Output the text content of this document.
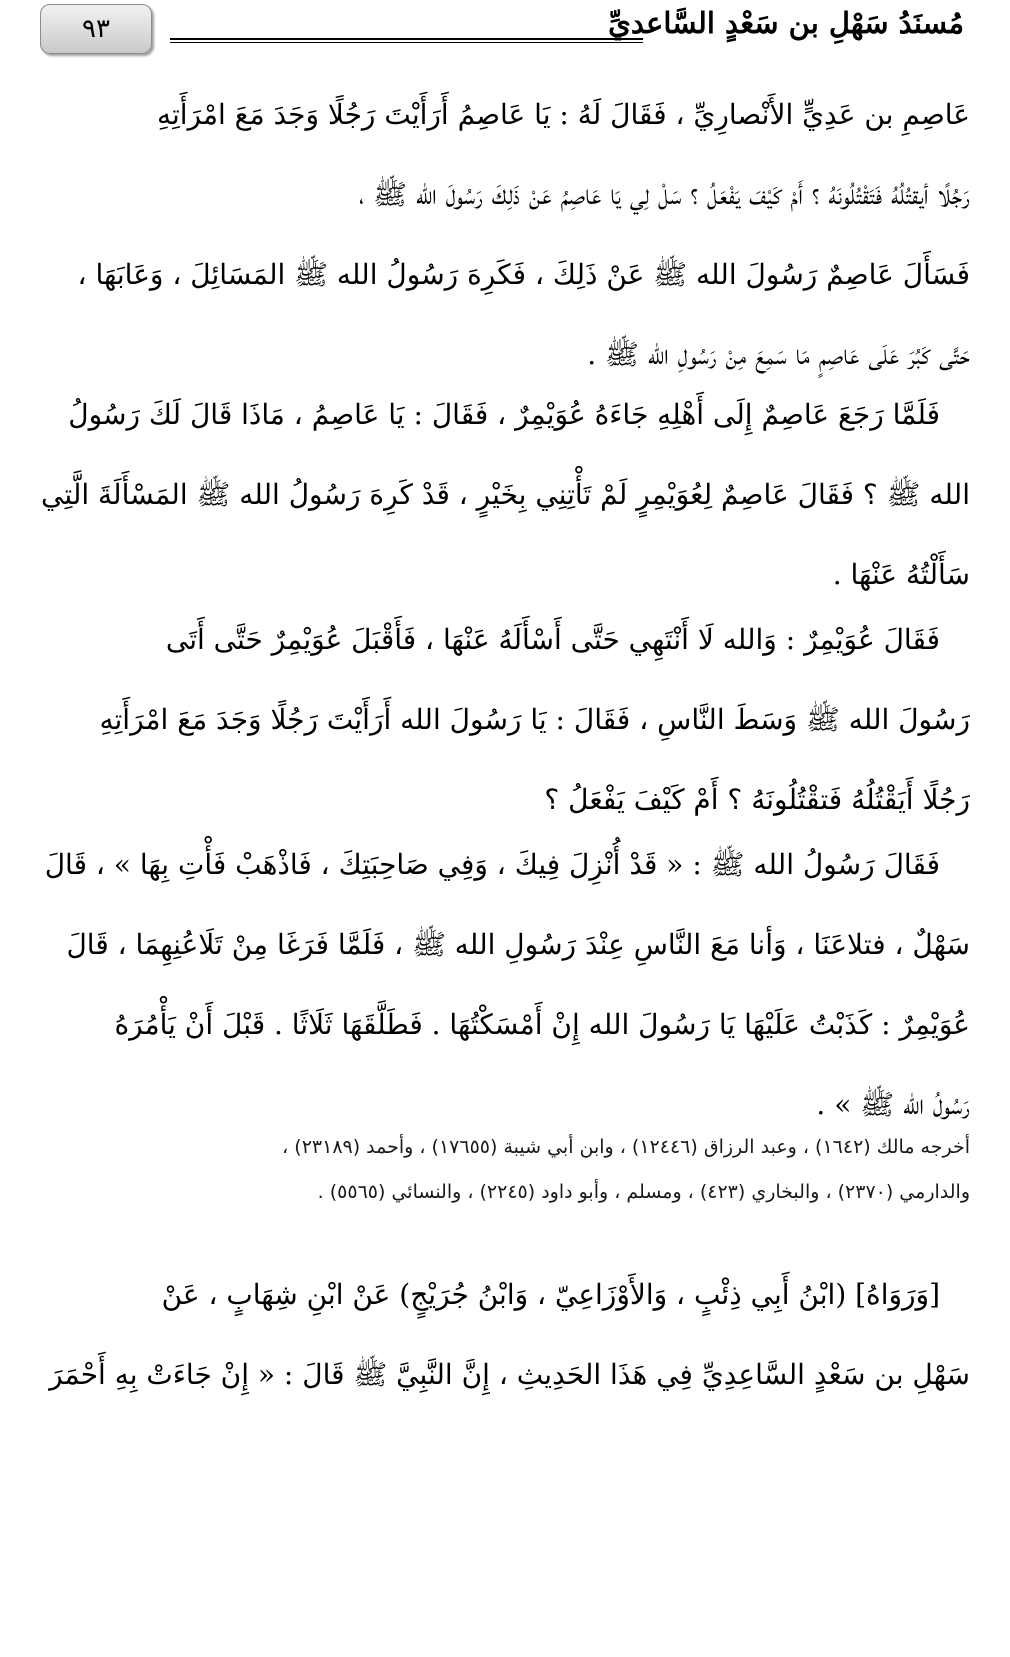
مُسنَدُ سَهْلِ بن سَعْدٍ السَّاعديِّ
٩٣

عَاصِمِ بن عَدِيٍّ الأَنْصارِيِّ ، فَقَالَ لَهُ : يَا عَاصِمُ أَرَأَيْتَ رَجُلًا وَجَدَ مَعَ امْرَأَتِهِ
رَجُلًا أيقتُلُهُ فَتَقْتُلُونَهُ ؟ أَمْ كَيْفَ يَفْعَلُ ؟ سَلْ لِي يَا عَاصِمُ عَنْ ذَلِكَ رَسُولَ الله ﷺ ،
فَسَأَلَ عَاصِمٌ رَسُولَ الله ﷺ عَنْ ذَلِكَ ، فَكَرِهَ رَسُولُ الله ﷺ المَسَائِلَ ، وَعَابَهَا ،
حَتَّى كَبُرَ عَلَى عَاصِمٍ مَا سَمِعَ مِنْ رَسُولِ الله ﷺ .

فَلَمَّا رَجَعَ عَاصِمٌ إِلَى أَهْلِهِ جَاءَهُ عُوَيْمِرٌ ، فَقَالَ : يَا عَاصِمُ ، مَاذَا قَالَ لَكَ رَسُولُ
الله ﷺ ؟ فَقَالَ عَاصِمٌ لِعُوَيْمِرٍ لَمْ تَأْتِنِي بِخَيْرٍ ، قَدْ كَرِهَ رَسُولُ الله ﷺ المَسْأَلَةَ الَّتِي
سَأَلْتُهُ عَنْهَا .

فَقَالَ عُوَيْمِرٌ : وَالله لَا أَنْتَهِي حَتَّى أَسْأَلَهُ عَنْهَا ، فَأَقْبَلَ عُوَيْمِرٌ حَتَّى أَتَى
رَسُولَ الله ﷺ وَسَطَ النَّاسِ ، فَقَالَ : يَا رَسُولَ الله أَرَأَيْتَ رَجُلًا وَجَدَ مَعَ امْرَأَتِهِ
رَجُلًا أَيَقْتُلُهُ فَتقْتُلُونَهُ ؟ أَمْ كَيْفَ يَفْعَلُ ؟

فَقَالَ رَسُولُ الله ﷺ : « قَدْ أُنْزِلَ فِيكَ ، وَفِي صَاحِبَتِكَ ، فَاذْهَبْ فَأْتِ بِهَا » ، قَالَ
سَهْلٌ ، فتلاعَنَا ، وَأنا مَعَ النَّاسِ عِنْدَ رَسُولِ الله ﷺ ، فَلَمَّا فَرَغَا مِنْ تَلَاعُنِهِمَا ، قَالَ
عُوَيْمِرٌ : كَذَبْتُ عَلَيْهَا يَا رَسُولَ الله إِنْ أَمْسَكْتُهَا . فَطَلَّقَهَا ثَلَاثًا . قَبْلَ أَنْ يَأْمُرَهُ
رَسُولُ الله ﷺ » .

أخرجه مالك (١٦٤٢) ، وعبد الرزاق (١٢٤٤٦) ، وابن أبي شيبة (١٧٦٥٥) ، وأحمد (٢٣١٨٩) ،
والدارمي (٢٣٧٠) ، والبخاري (٤٢٣) ، ومسلم ، وأبو داود (٢٢٤٥) ، والنسائي (٥٥٦٥) .

[وَرَوَاهُ] (ابْنُ أَبِي ذِئْبٍ ، وَالأَوْزَاعِيّ ، وَابْنُ جُرَيْجٍ) عَنْ ابْنِ شِهَابٍ ، عَنْ
سَهْلِ بن سَعْدٍ السَّاعِدِيِّ فِي هَذَا الحَدِيثِ ، إِنَّ النَّبِيَّ ﷺ قَالَ : « إِنْ جَاءَتْ بِهِ أَحْمَرَ
